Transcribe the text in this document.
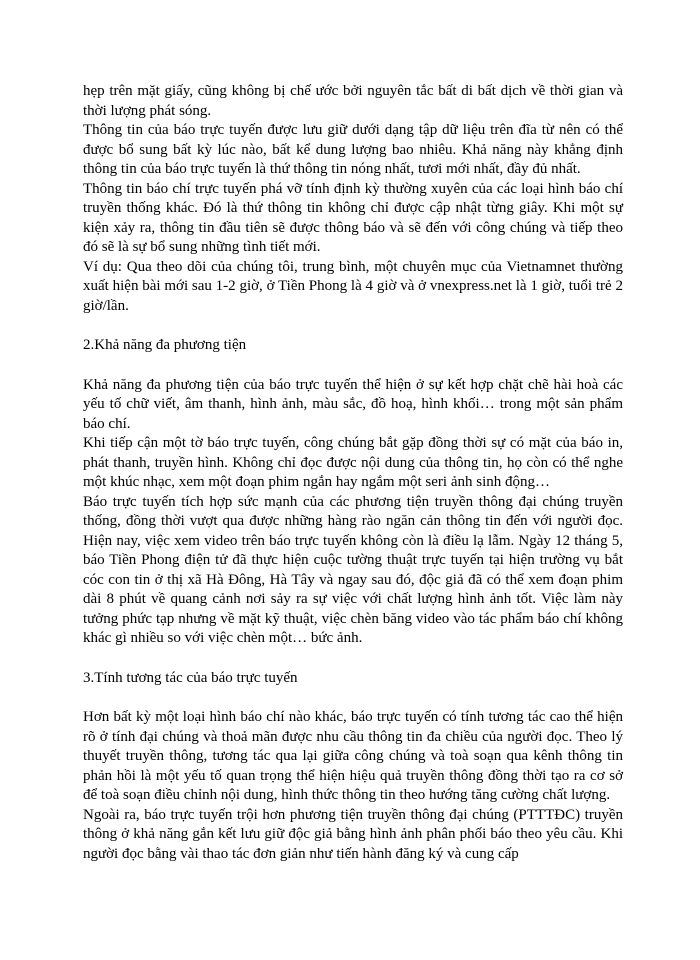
hẹp trên mặt giấy, cũng không bị chế ước bởi nguyên tắc bất di bất dịch về thời gian và thời lượng phát sóng.

Thông tin của báo trực tuyến được lưu giữ dưới dạng tập dữ liệu trên đĩa từ nên có thể được bổ sung bất kỳ lúc nào, bất kể dung lượng bao nhiêu. Khả năng này khẳng định thông tin của báo trực tuyến là thứ thông tin nóng nhất, tươi mới nhất, đầy đủ nhất.

Thông tin báo chí trực tuyến phá vỡ tính định kỳ thường xuyên của các loại hình báo chí truyền thống khác. Đó là thứ thông tin không chỉ được cập nhật từng giây. Khi một sự kiện xảy ra, thông tin đầu tiên sẽ được thông báo và sẽ đến với công chúng và tiếp theo đó sẽ là sự bổ sung những tình tiết mới.

Ví dụ: Qua theo dõi của chúng tôi, trung bình, một chuyên mục của Vietnamnet thường xuất hiện bài mới sau 1-2 giờ, ở Tiền Phong là 4 giờ và ở vnexpress.net là 1 giờ, tuổi trẻ 2 giờ/lần.

2.Khả năng đa phương tiện

Khả năng đa phương tiện của báo trực tuyến thể hiện ở sự kết hợp chặt chẽ hài hoà các yếu tố chữ viết, âm thanh, hình ảnh, màu sắc, đồ hoạ, hình khối… trong một sản phẩm báo chí.

Khi tiếp cận một tờ báo trực tuyến, công chúng bắt gặp đồng thời sự có mặt của báo in, phát thanh, truyền hình. Không chỉ đọc được nội dung của thông tin, họ còn có thể nghe một khúc nhạc, xem một đoạn phim ngắn hay ngắm một seri ảnh sinh động…

Báo trực tuyến tích hợp sức mạnh của các phương tiện truyền thông đại chúng truyền thống, đồng thời vượt qua được những hàng rào ngăn cản thông tin đến với người đọc. Hiện nay, việc xem video trên báo trực tuyến không còn là điều lạ lẫm. Ngày 12 tháng 5, báo Tiền Phong điện tử đã thực hiện cuộc tường thuật trực tuyến tại hiện trường vụ bắt cóc con tin ở thị xã Hà Đông, Hà Tây và ngay sau đó, độc giả đã có thể xem đoạn phim dài 8 phút về quang cảnh nơi sảy ra sự việc với chất lượng hình ảnh tốt. Việc làm này tưởng phức tạp nhưng về mặt kỹ thuật, việc chèn băng video vào tác phẩm báo chí không khác gì nhiều so với việc chèn một… bức ảnh.

3.Tính tương tác của báo trực tuyến

Hơn bất kỳ một loại hình báo chí nào khác, báo trực tuyến có tính tương tác cao thể hiện rõ ở tính đại chúng và thoả mãn được nhu cầu thông tin đa chiều của người đọc. Theo lý thuyết truyền thông, tương tác qua lại giữa công chúng và toà soạn qua kênh thông tin phản hồi là một yếu tố quan trọng thể hiện hiệu quả truyền thông đồng thời tạo ra cơ sở để toà soạn điều chỉnh nội dung, hình thức thông tin theo hướng tăng cường chất lượng.

Ngoài ra, báo trực tuyến trội hơn phương tiện truyền thông đại chúng (PTTTĐC) truyền thông ở khả năng gắn kết lưu giữ độc giả bằng hình ảnh phân phối báo theo yêu cầu. Khi người đọc bằng vài thao tác đơn giản như tiến hành đăng ký và cung cấp
